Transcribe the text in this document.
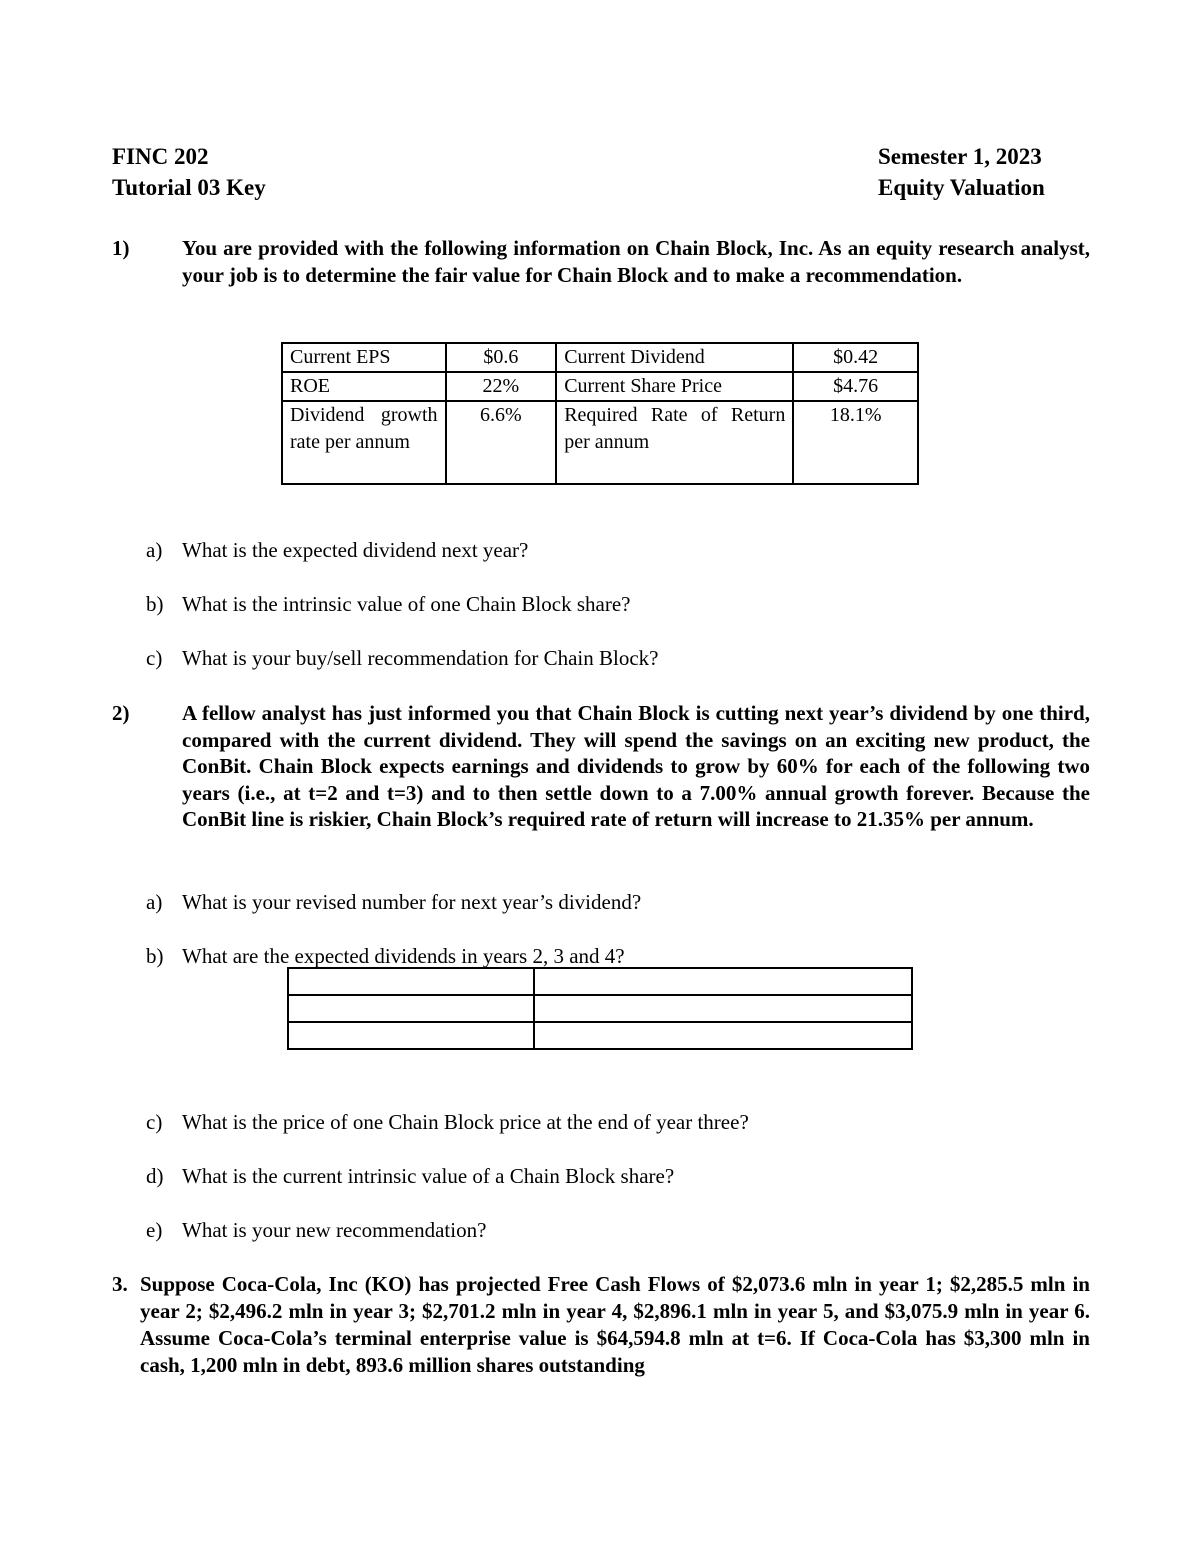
FINC 202
Tutorial 03 Key
Semester 1, 2023
Equity Valuation
1)	You are provided with the following information on Chain Block, Inc. As an equity research analyst, your job is to determine the fair value for Chain Block and to make a recommendation.
Current EPS	$0.6	Current Dividend	$0.42
ROE	22%	Current Share Price	$4.76
Dividend growth rate per annum	6.6%	Required Rate of Return per annum	18.1%
a) What is the expected dividend next year?
b) What is the intrinsic value of one Chain Block share?
c) What is your buy/sell recommendation for Chain Block?
2)	A fellow analyst has just informed you that Chain Block is cutting next year’s dividend by one third, compared with the current dividend. They will spend the savings on an exciting new product, the ConBit. Chain Block expects earnings and dividends to grow by 60% for each of the following two years (i.e., at t=2 and t=3) and to then settle down to a 7.00% annual growth forever. Because the ConBit line is riskier, Chain Block’s required rate of return will increase to 21.35% per annum.
a) What is your revised number for next year’s dividend?
b) What are the expected dividends in years 2, 3 and 4?

c) What is the price of one Chain Block price at the end of year three?
d) What is the current intrinsic value of a Chain Block share?
e) What is your new recommendation?
3. Suppose Coca-Cola, Inc (KO) has projected Free Cash Flows of $2,073.6 mln in year 1; $2,285.5 mln in year 2; $2,496.2 mln in year 3; $2,701.2 mln in year 4, $2,896.1 mln in year 5, and $3,075.9 mln in year 6. Assume Coca-Cola’s terminal enterprise value is $64,594.8 mln at t=6. If Coca-Cola has $3,300 mln in cash, 1,200 mln in debt, 893.6 million shares outstanding
